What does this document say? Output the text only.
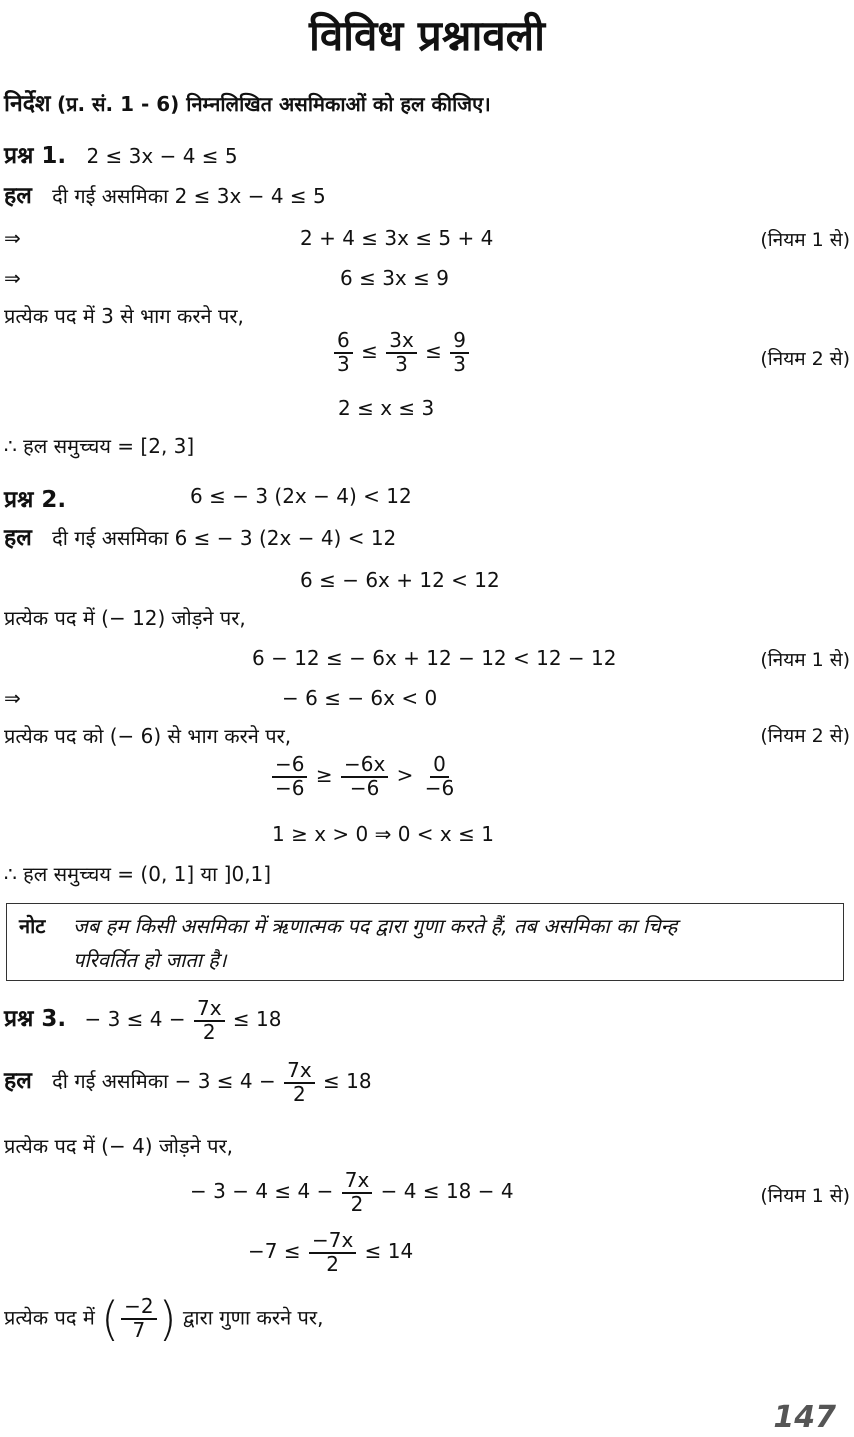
विविध प्रश्नावली
निर्देश (प्र. सं. 1 - 6) निम्नलिखित असमिकाओं को हल कीजिए।
प्रश्न 1. 2 ≤ 3x − 4 ≤ 5
हल दी गई असमिका 2 ≤ 3x − 4 ≤ 5
⇒	2 + 4 ≤ 3x ≤ 5 + 4	(नियम 1 से)
⇒	6 ≤ 3x ≤ 9
प्रत्येक पद में 3 से भाग करने पर,
$\frac{6}{3} \le \frac{3x}{3} \le \frac{9}{3}$	(नियम 2 से)
2 ≤ x ≤ 3
∴ हल समुच्चय = [2, 3]
प्रश्न 2.	6 ≤ − 3 (2x − 4) < 12
हल दी गई असमिका 6 ≤ − 3 (2x − 4) < 12
6 ≤ − 6x + 12 < 12
प्रत्येक पद में (− 12) जोड़ने पर,
6 − 12 ≤ − 6x + 12 − 12 < 12 − 12	(नियम 1 से)
⇒	− 6 ≤ − 6x < 0
प्रत्येक पद को (− 6) से भाग करने पर,	(नियम 2 से)
$\frac{-6}{-6} \ge \frac{-6x}{-6} > \frac{0}{-6}$
1 ≥ x > 0 ⇒ 0 < x ≤ 1
∴ हल समुच्चय = (0, 1] या ]0,1]
नोट जब हम किसी असमिका में ऋणात्मक पद द्वारा गुणा करते हैं, तब असमिका का चिन्ह
परिवर्तित हो जाता है।
प्रश्न 3. − $3 \le 4 - \frac{7x}{2} \le 18$
हल दी गई असमिका − $3 \le 4 - \frac{7x}{2} \le 18$
प्रत्येक पद में (− 4) जोड़ने पर,
− $3 - 4 \le 4 - \frac{7x}{2} - 4 \le 18 - 4$	(नियम 1 से)
$-7 \le \frac{-7x}{2} \le 14$
प्रत्येक पद में ( $\frac{-2}{7}$ ) द्वारा गुणा करने पर,
147
